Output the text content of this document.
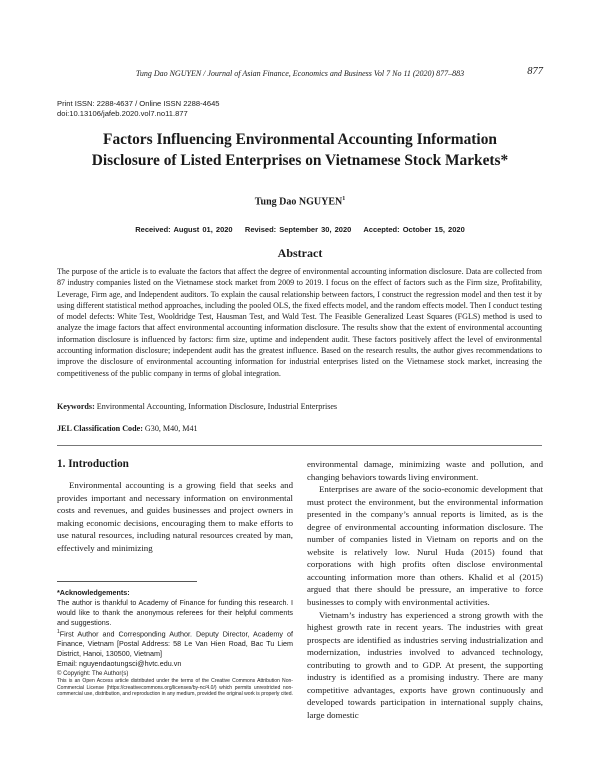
Tung Dao NGUYEN / Journal of Asian Finance, Economics and Business Vol 7 No 11 (2020) 877–883	877
Print ISSN: 2288-4637 / Online ISSN 2288-4645
doi:10.13106/jafeb.2020.vol7.no11.877
Factors Influencing Environmental Accounting Information
Disclosure of Listed Enterprises on Vietnamese Stock Markets*
Tung Dao NGUYEN$^1$
Received: August 01, 2020    Revised: September 30, 2020    Accepted: October 15, 2020
Abstract
The purpose of the article is to evaluate the factors that affect the degree of environmental accounting information disclosure. Data are collected from 87 industry companies listed on the Vietnamese stock market from 2009 to 2019. I focus on the effect of factors such as the Firm size, Profitability, Leverage, Firm age, and Independent auditors. To explain the causal relationship between factors, I construct the regression model and then test it by using different statistical method approaches, including the pooled OLS, the fixed effects model, and the random effects model. Then I conduct testing of model defects: White Test, Wooldridge Test, Hausman Test, and Wald Test. The Feasible Generalized Least Squares (FGLS) method is used to analyze the image factors that affect environmental accounting information disclosure. The results show that the extent of environmental accounting information disclosure is influenced by factors: firm size, uptime and independent audit. These factors positively affect the level of environmental accounting information disclosure; independent audit has the greatest influence. Based on the research results, the author gives recommendations to improve the disclosure of environmental accounting information for industrial enterprises listed on the Vietnamese stock market, increasing the competitiveness of the public company in terms of global integration.
Keywords: Environmental Accounting, Information Disclosure, Industrial Enterprises
JEL Classification Code: G30, M40, M41
1. Introduction

Environmental accounting is a growing field that seeks and provides important and necessary information on environmental costs and revenues, and guides businesses and project owners in making economic decisions, encouraging them to make efforts to use natural resources, including natural resources created by man, effectively and minimizing

*Acknowledgements:

The author is thankful to Academy of Finance for funding this research. I would like to thank the anonymous referees for their helpful comments and suggestions.

$^1$First Author and Corresponding Author. Deputy Director, Academy of Finance, Vietnam [Postal Address: 58 Le Van Hien Road, Bac Tu Liem District, Hanoi, 130500, Vietnam]

Email: nguyendaotungsci@hvtc.edu.vn

© Copyright: The Author(s)

This is an Open Access article distributed under the terms of the Creative Commons Attribution Non-Commercial License (https://creativecommons.org/licenses/by-nc/4.0/) which permits unrestricted non-commercial use, distribution, and reproduction in any medium, provided the original work is properly cited.

environmental damage, minimizing waste and pollution, and changing behaviors towards living environment.

Enterprises are aware of the socio-economic development that must protect the environment, but the environmental information presented in the company’s annual reports is limited, as is the degree of environmental accounting information disclosure. The number of companies listed in Vietnam on reports and on the website is relatively low. Nurul Huda (2015) found that corporations with high profits often disclose environmental accounting information more than others. Khalid et al (2015) argued that there should be pressure, an imperative to force businesses to comply with environmental activities.

Vietnam’s industry has experienced a strong growth with the highest growth rate in recent years. The industries with great prospects are identified as industries serving industrialization and modernization, industries involved to advanced technology, contributing to growth and to GDP. At present, the supporting industry is identified as a promising industry. There are many competitive advantages, exports have grown continuously and developed towards participation in international supply chains, large domestic
